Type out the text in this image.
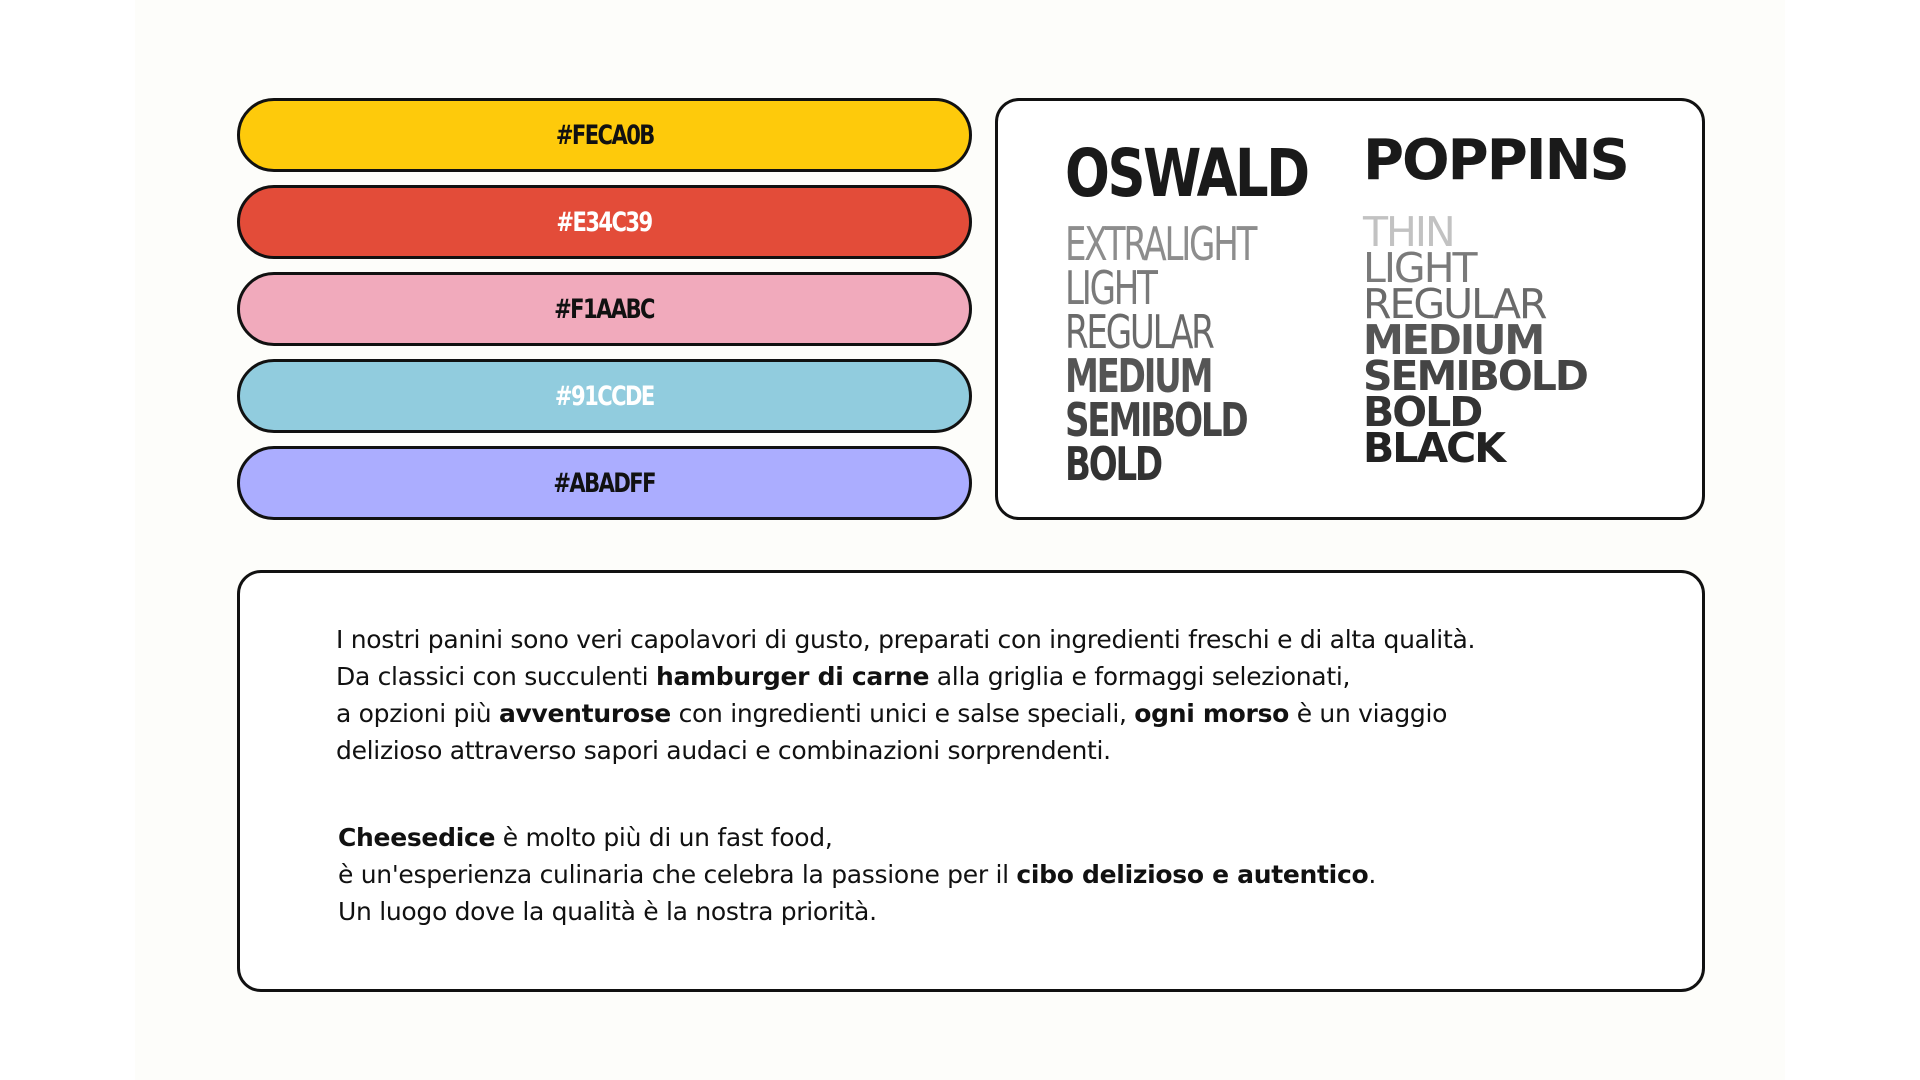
#FECA0B
#E34C39
#F1AABC
#91CCDE
#ABADFF
OSWALD
EXTRALIGHT
LIGHT
REGULAR
MEDIUM
SEMIBOLD
BOLD
POPPINS
THIN
LIGHT
REGULAR
MEDIUM
SEMIBOLD
BOLD
BLACK
I nostri panini sono veri capolavori di gusto, preparati con ingredienti freschi e di alta qualità.
Da classici con succulenti hamburger di carne alla griglia e formaggi selezionati,
a opzioni più avventurose con ingredienti unici e salse speciali, ogni morso è un viaggio
delizioso attraverso sapori audaci e combinazioni sorprendenti.
Cheesedice è molto più di un fast food,
è un'esperienza culinaria che celebra la passione per il cibo delizioso e autentico.
Un luogo dove la qualità è la nostra priorità.
